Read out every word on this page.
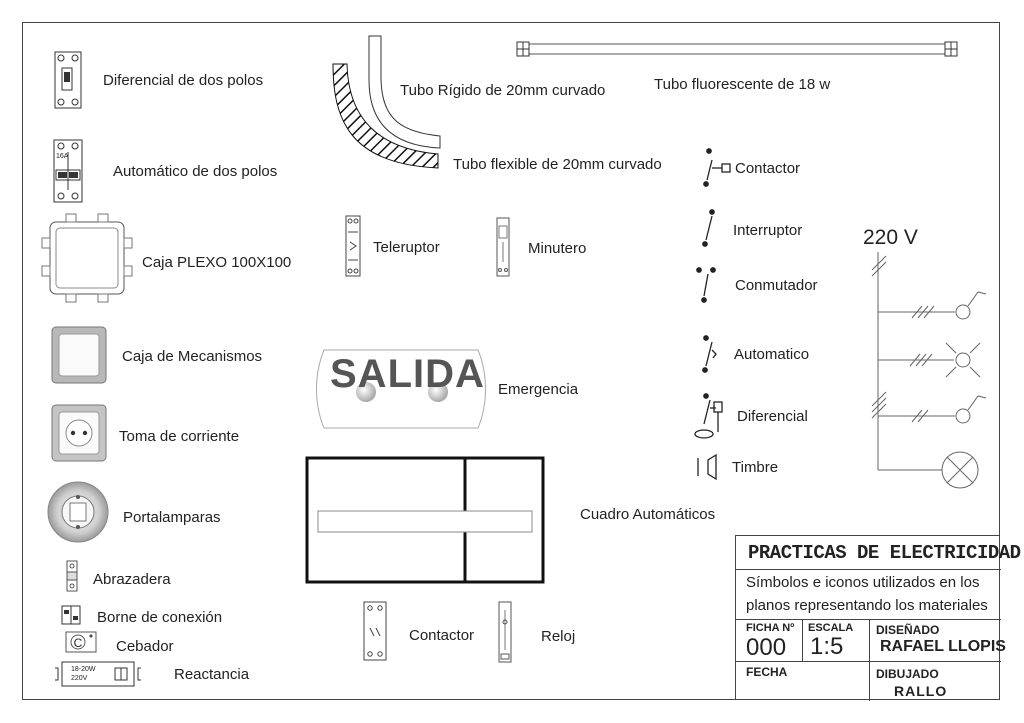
C
18-20W
220V
SALIDA
16A
Diferencial de dos polos
Automático de dos polos
Caja PLEXO 100X100
Caja de Mecanismos
Toma de corriente
Portalamparas
Abrazadera
Borne de conexión
Cebador
Reactancia
Tubo Rígido de 20mm curvado
Tubo flexible de 20mm curvado
Tubo fluorescente de 18 w
Teleruptor	Minutero
Emergencia
Cuadro Automáticos
Contactor	Reloj
Contactor
Interruptor
Conmutador
Automatico
Diferencial
Timbre
220 V
PRACTICAS DE ELECTRICIDAD
Símbolos e iconos utilizados en los
planos representando los materiales
FICHA Nº
000
ESCALA
1:5
DISEÑADO
RAFAEL LLOPIS
FECHA	DIBUJADO
RALLO
